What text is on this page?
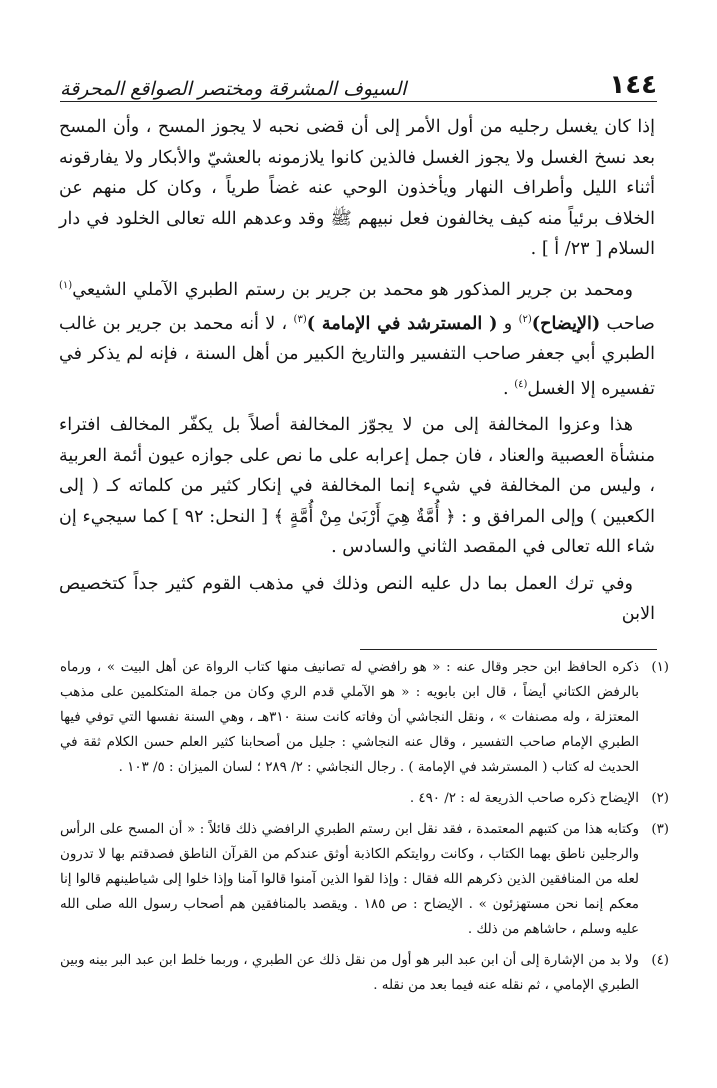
السيوف المشرقة ومختصر الصواقع المحرقة	١٤٤

إذا كان يغسل رجليه من أول الأمر إلى أن قضى نحبه لا يجوز المسح ، وأن المسح بعد نسخ الغسل ولا يجوز الغسل فالذين كانوا يلازمونه بالعشيّ والأبكار ولا يفارقونه أثناء الليل وأطراف النهار ويأخذون الوحي عنه غضاً طرياً ، وكان كل منهم عن الخلاف برئياً منه كيف يخالفون فعل نبيهم ﷺ وقد وعدهم الله تعالى الخلود في دار السلام [ ٢٣/ أ ] .

ومحمد بن جرير المذكور هو محمد بن جرير بن رستم الطبري الآملي الشيعي$^{(١)}$ صاحب (الإيضاح)$^{(٢)}$ و ( المسترشد في الإمامة )$^{(٣)}$ ، لا أنه محمد بن جرير بن غالب الطبري أبي جعفر صاحب التفسير والتاريخ الكبير من أهل السنة ، فإنه لم يذكر في تفسيره إلا الغسل$^{(٤)}$ .

هذا وعزوا المخالفة إلى من لا يجوّز المخالفة أصلاً بل يكفّر المخالف افتراء منشأة العصبية والعناد ، فان جمل إعرابه على ما نص على جوازه عيون أئمة العربية ، وليس من المخالفة في شيء إنما المخالفة في إنكار كثير من كلماته كـ ( إلى الكعبين ) وإلى المرافق و : ﴿ أُمَّةٌ هِيَ أَرْبَىٰ مِنْ أُمَّةٍ ﴾ [ النحل: ٩٢ ] كما سيجيء إن شاء الله تعالى في المقصد الثاني والسادس .

وفي ترك العمل بما دل عليه النص وذلك في مذهب القوم كثير جداً كتخصيص الابن

(١)
ذكره الحافظ ابن حجر وقال عنه : « هو رافضي له تصانيف منها كتاب الرواة عن أهل البيت » ، ورماه بالرفض الكتاني أيضاً ، قال ابن بابويه : « هو الآملي قدم الري وكان من جملة المتكلمين على مذهب المعتزلة ، وله مصنفات » ، ونقل النجاشي أن وفاته كانت سنة ٣١٠هـ ، وهي السنة نفسها التي توفي فيها الطبري الإمام صاحب التفسير ، وقال عنه النجاشي : جليل من أصحابنا كثير العلم حسن الكلام ثقة في الحديث له كتاب ( المسترشد في الإمامة ) . رجال النجاشي : ٢/ ٢٨٩ ؛ لسان الميزان : ٥/ ١٠٣ .
(٢)
الإيضاح ذكره صاحب الذريعة له : ٢/ ٤٩٠ .
(٣)
وكتابه هذا من كتبهم المعتمدة ، فقد نقل ابن رستم الطبري الرافضي ذلك قائلاً : « أن المسح على الرأس والرجلين ناطق بهما الكتاب ، وكانت روايتكم الكاذبة أوثق عندكم من القرآن الناطق فصدقتم بها لا تدرون لعله من المنافقين الذين ذكرهم الله فقال : وإذا لقوا الذين آمنوا قالوا آمنا وإذا خلوا إلى شياطينهم قالوا إنا معكم إنما نحن مستهزئون » . الإيضاح : ص ١٨٥ . ويقصد بالمنافقين هم أصحاب رسول الله صلى الله عليه وسلم ، حاشاهم من ذلك .
(٤)
ولا بد من الإشارة إلى أن ابن عبد البر هو أول من نقل ذلك عن الطبري ، وربما خلط ابن عبد البر بينه وبين الطبري الإمامي ، ثم نقله عنه فيما بعد من نقله .
